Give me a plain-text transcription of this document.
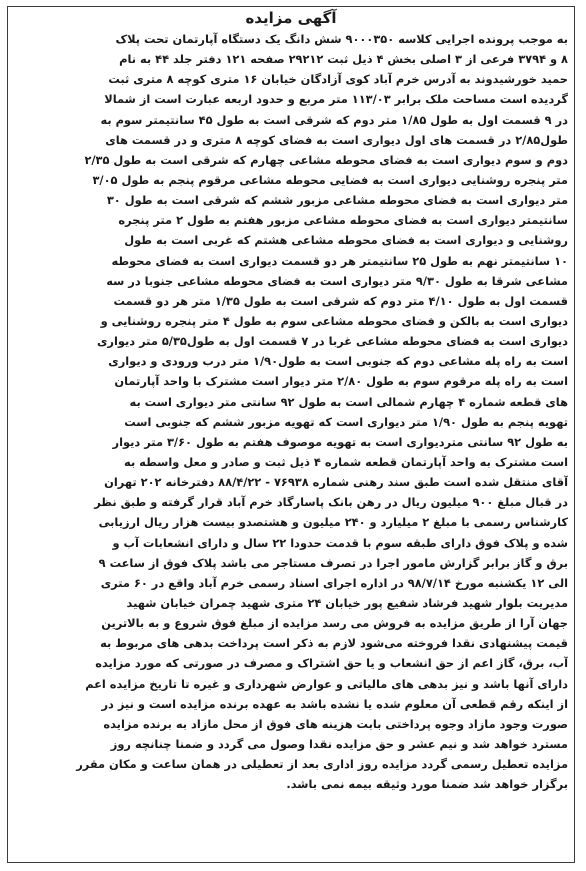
آگهی مزایده
به موجب پرونده اجرایی کلاسه ۹۰۰۰۳۵۰ شش دانگ یک دستگاه آپارتمان تحت پلاک
۸ و ۳۷۹۴ فرعی از ۳ اصلی بخش ۴ ذیل ثبت ۲۹۲۱۲ صفحه ۱۲۱ دفتر جلد ۴۴ به نام
حمید خورشیدوند به آدرس خرم آباد کوی آزادگان خیابان ۱۶ متری کوچه ۸ متری ثبت
گردیده است مساحت ملک برابر ۱۱۳/۰۳ متر مربع و حدود اربعه عبارت است از شمالا
در ۹ قسمت اول به طول ۱/۸۵ متر دوم که شرقی است به طول ۴۵ سانتیمتر سوم به
طول۲/۸۵ در قسمت های اول دیواری است به فضای کوچه ۸ متری و در قسمت های
دوم و سوم دیواری است به فضای محوطه مشاعی چهارم که شرقی است به طول ۲/۳۵
متر پنجره روشنایی دیواری است به فضایی محوطه مشاعی مرقوم پنجم به طول ۳/۰۵
متر دیواری است به فضای محوطه مشاعی مزبور ششم که شرقی است به طول ۳۰
سانتیمتر دیواری است به فضای محوطه مشاعی مزبور هفتم به طول ۲ متر پنجره
روشنایی و دیواری است به فضای محوطه مشاعی هشتم که غربی است به طول
۱۰ سانتیمتر نهم به طول ۲۵ سانتیمتر هر دو قسمت دیواری است به فضای محوطه
مشاعی شرقا به طول ۹/۳۰ متر دیواری است به فضای محوطه مشاعی جنوبا در سه
قسمت اول به طول ۴/۱۰ متر دوم که شرقی است به طول ۱/۳۵ متر هر دو قسمت
دیواری است به بالکن و فضای محوطه مشاعی سوم به طول ۴ متر پنجره روشنایی و
دیواری است به فضای محوطه مشاعی غربا در ۷ قسمت اول به طول۵/۳۵ متر دیواری
است به راه پله مشاعی دوم که جنوبی است به طول۱/۹۰ متر درب ورودی و دیواری
است به راه پله مرقوم سوم به طول ۲/۸۰ متر دیوار است مشترک با واحد آپارتمان
های قطعه شماره ۴ چهارم شمالی است به طول ۹۲ سانتی متر دیواری است به
تهویه پنجم به طول ۱/۹۰ متر دیواری است که تهویه مزبور ششم که جنوبی است
به طول ۹۲ سانتی متردیواری است به تهویه موصوف هفتم به طول ۳/۶۰ متر دیوار
است مشترک به واحد آپارتمان قطعه شماره ۴ ذیل ثبت و صادر و معل واسطه به
آقای منتقل شده است طبق سند رهنی شماره ۷۶۹۳۸ - ۸۸/۴/۲۲ دفترخانه ۲۰۲ تهران
در قبال مبلغ ۹۰۰ میلیون ریال در رهن بانک پاسارگاد خرم آباد قرار گرفته و طبق نظر
کارشناس رسمی با مبلغ ۲ میلیارد و ۲۴۰ میلیون و هشتصدو بیست هزار ریال ارزیابی
شده و پلاک فوق دارای طبقه سوم با قدمت حدودا ۲۲ سال و دارای انشعابات آب و
برق و گاز برابر گزارش مامور اجرا در تصرف مستاجر می باشد پلاک فوق از ساعت ۹
الی ۱۲ یکشنبه مورخ ۹۸/۷/۱۴ در اداره اجرای اسناد رسمی خرم آباد واقع در ۶۰ متری
مدیریت بلوار شهید فرشاد شفیع پور خیابان ۲۴ متری شهید چمران خیابان شهید
جهان آرا از طریق مزایده به فروش می رسد مزایده از مبلغ فوق شروع و به بالاترین
قیمت پیشنهادی نقدا فروخته می‌شود لازم به ذکر است پرداخت بدهی های مربوط به
آب، برق، گاز اعم از حق انشعاب و یا حق اشتراک و مصرف در صورتی که مورد مزایده
دارای آنها باشد و نیز بدهی های مالیاتی و عوارض شهرداری و غیره تا تاریخ مزایده اعم
از اینکه رقم قطعی آن معلوم شده یا نشده باشد به عهده برنده مزایده است و نیز در
صورت وجود مازاد وجوه پرداختی بابت هزینه های فوق از محل مازاد به برنده مزایده
مسترد خواهد شد و نیم عشر و حق مزایده نقدا وصول می گردد و ضمنا چنانچه روز
مزایده تعطیل رسمی گردد مزایده روز اداری بعد از تعطیلی در همان ساعت و مکان مقرر
برگزار خواهد شد ضمنا مورد وثیقه بیمه نمی باشد.
